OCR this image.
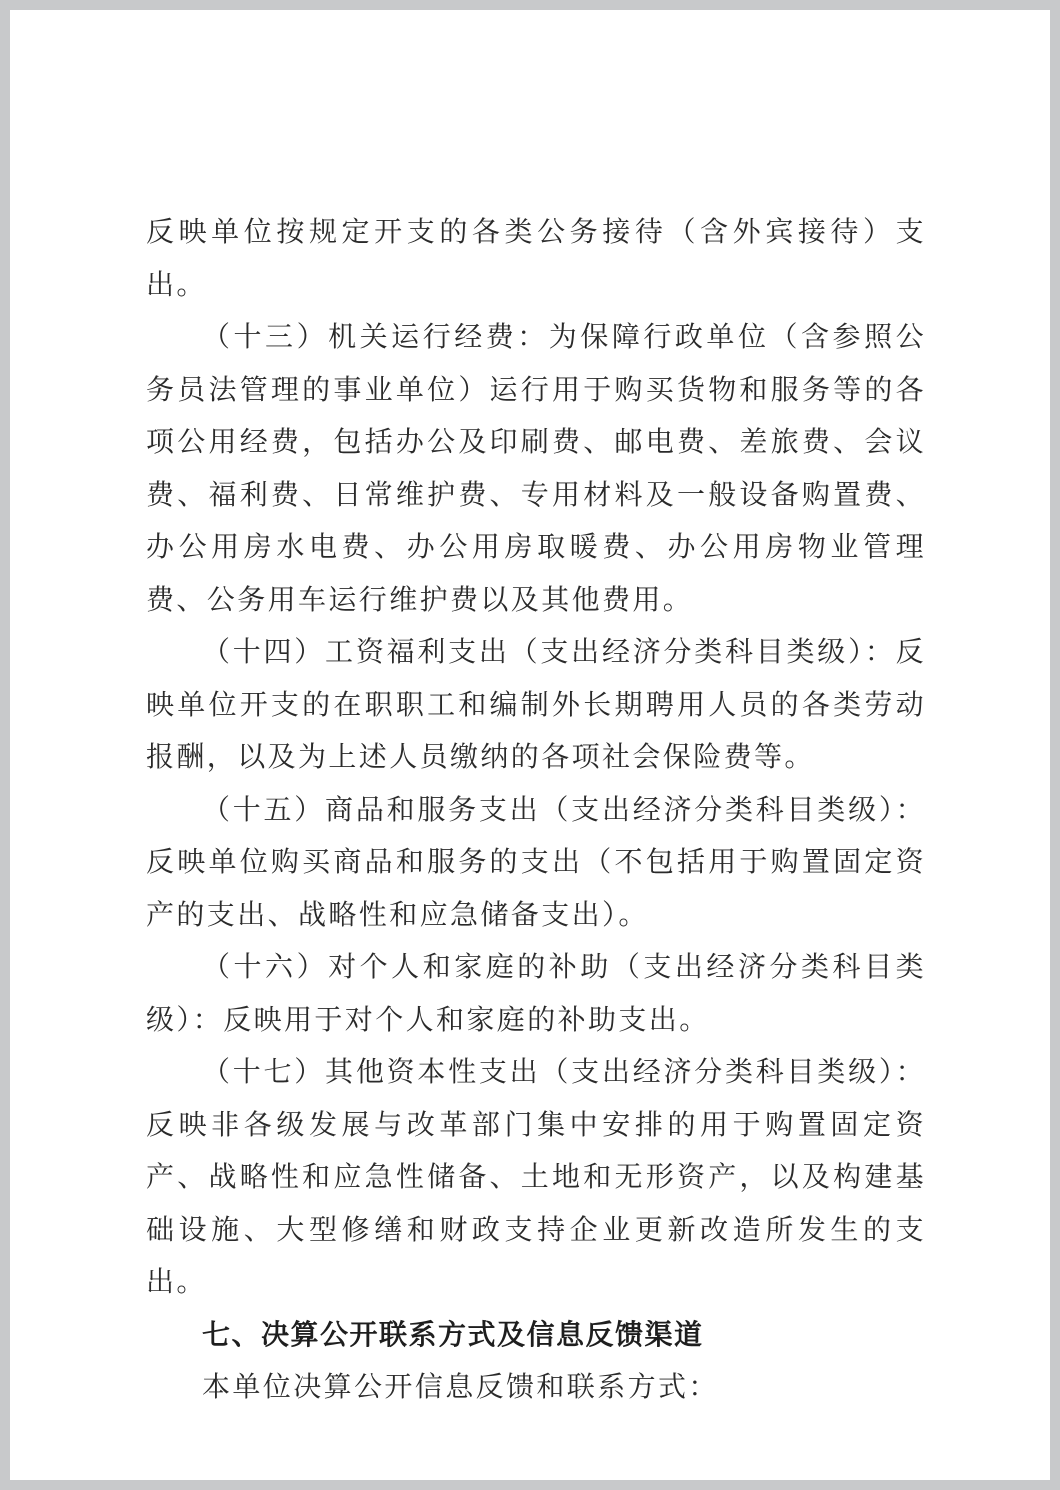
反映单位按规定开支的各类公务接待（含外宾接待）支出。

（十三）机关运行经费：为保障行政单位（含参照公务员法管理的事业单位）运行用于购买货物和服务等的各项公用经费，包括办公及印刷费、邮电费、差旅费、会议费、福利费、日常维护费、专用材料及一般设备购置费、办公用房水电费、办公用房取暖费、办公用房物业管理费、公务用车运行维护费以及其他费用。

（十四）工资福利支出（支出经济分类科目类级）：反映单位开支的在职职工和编制外长期聘用人员的各类劳动报酬，以及为上述人员缴纳的各项社会保险费等。

（十五）商品和服务支出（支出经济分类科目类级）：反映单位购买商品和服务的支出（不包括用于购置固定资产的支出、战略性和应急储备支出）。

（十六）对个人和家庭的补助（支出经济分类科目类级）：反映用于对个人和家庭的补助支出。

（十七）其他资本性支出（支出经济分类科目类级）：反映非各级发展与改革部门集中安排的用于购置固定资产、战略性和应急性储备、土地和无形资产，以及构建基础设施、大型修缮和财政支持企业更新改造所发生的支出。

七、决算公开联系方式及信息反馈渠道

本单位决算公开信息反馈和联系方式：
